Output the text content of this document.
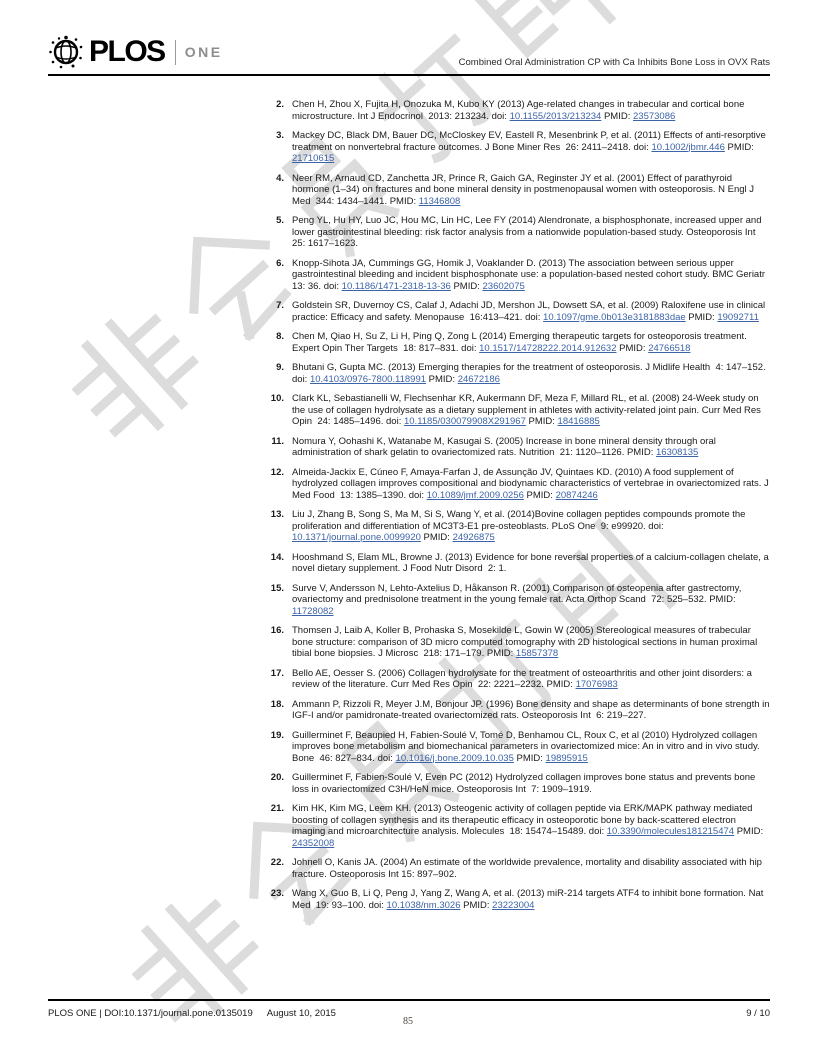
PLOS ONE
Combined Oral Administration CP with Ca Inhibits Bone Loss in OVX Rats
2. Chen H, Zhou X, Fujita H, Onozuka M, Kubo KY (2013) Age-related changes in trabecular and cortical bone microstructure. Int J Endocrinol  2013: 213234. doi: 10.1155/2013/213234 PMID: 23573086
3. Mackey DC, Black DM, Bauer DC, McCloskey EV, Eastell R, Mesenbrink P, et al. (2011) Effects of anti-resorptive treatment on nonvertebral fracture outcomes. J Bone Miner Res  26: 2411–2418. doi: 10.1002/jbmr.446 PMID: 21710615
4. Neer RM, Arnaud CD, Zanchetta JR, Prince R, Gaich GA, Reginster JY et al. (2001) Effect of parathyroid hormone (1–34) on fractures and bone mineral density in postmenopausal women with osteoporosis. N Engl J Med  344: 1434–1441. PMID: 11346808
5. Peng YL, Hu HY, Luo JC, Hou MC, Lin HC, Lee FY (2014) Alendronate, a bisphosphonate, increased upper and lower gastrointestinal bleeding: risk factor analysis from a nationwide population-based study. Osteoporosis Int 25: 1617–1623.
6. Knopp-Sihota JA, Cummings GG, Homik J, Voaklander D. (2013) The association between serious upper gastrointestinal bleeding and incident bisphosphonate use: a population-based nested cohort study. BMC Geriatr  13: 36. doi: 10.1186/1471-2318-13-36 PMID: 23602075
7. Goldstein SR, Duvernoy CS, Calaf J, Adachi JD, Mershon JL, Dowsett SA, et al. (2009) Raloxifene use in clinical practice: Efficacy and safety. Menopause  16:413–421. doi: 10.1097/gme.0b013e3181883dae PMID: 19092711
8. Chen M, Qiao H, Su Z, Li H, Ping Q, Zong L (2014) Emerging therapeutic targets for osteoporosis treatment. Expert Opin Ther Targets  18: 817–831. doi: 10.1517/14728222.2014.912632 PMID: 24766518
9. Bhutani G, Gupta MC. (2013) Emerging therapies for the treatment of osteoporosis. J Midlife Health  4: 147–152. doi: 10.4103/0976-7800.118991 PMID: 24672186
10. Clark KL, Sebastianelli W, Flechsenhar KR, Aukermann DF, Meza F, Millard RL, et al. (2008) 24-Week study on the use of collagen hydrolysate as a dietary supplement in athletes with activity-related joint pain. Curr Med Res Opin  24: 1485–1496. doi: 10.1185/030079908X291967 PMID: 18416885
11. Nomura Y, Oohashi K, Watanabe M, Kasugai S. (2005) Increase in bone mineral density through oral administration of shark gelatin to ovariectomized rats. Nutrition  21: 1120–1126. PMID: 16308135
12. Almeida-Jackix E, Cúneo F, Amaya-Farfan J, de Assunção JV, Quintaes KD. (2010) A food supplement of hydrolyzed collagen improves compositional and biodynamic characteristics of vertebrae in ovariectomized rats. J Med Food  13: 1385–1390. doi: 10.1089/jmf.2009.0256 PMID: 20874246
13. Liu J, Zhang B, Song S, Ma M, Si S, Wang Y, et al. (2014)Bovine collagen peptides compounds promote the proliferation and differentiation of MC3T3-E1 pre-osteoblasts. PLoS One  9: e99920. doi: 10.1371/journal.pone.0099920 PMID: 24926875
14. Hooshmand S, Elam ML, Browne J. (2013) Evidence for bone reversal properties of a calcium-collagen chelate, a novel dietary supplement. J Food Nutr Disord  2: 1.
15. Surve V, Andersson N, Lehto-Axtelius D, Håkanson R. (2001) Comparison of osteopenia after gastrectomy, ovariectomy and prednisolone treatment in the young female rat. Acta Orthop Scand  72: 525–532. PMID: 11728082
16. Thomsen J, Laib A, Koller B, Prohaska S, Mosekilde L, Gowin W (2005) Stereological measures of trabecular bone structure: comparison of 3D micro computed tomography with 2D histological sections in human proximal tibial bone biopsies. J Microsc  218: 171–179. PMID: 15857378
17. Bello AE, Oesser S. (2006) Collagen hydrolysate for the treatment of osteoarthritis and other joint disorders: a review of the literature. Curr Med Res Opin  22: 2221–2232. PMID: 17076983
18. Ammann P, Rizzoli R, Meyer J.M, Bonjour JP. (1996) Bone density and shape as determinants of bone strength in IGF-I and/or pamidronate-treated ovariectomized rats. Osteoporosis Int  6: 219–227.
19. Guillerminet F, Beaupied H, Fabien-Soulé V, Tomé D, Benhamou CL, Roux C, et al (2010) Hydrolyzed collagen improves bone metabolism and biomechanical parameters in ovariectomized mice: An in vitro and in vivo study. Bone  46: 827–834. doi: 10.1016/j.bone.2009.10.035 PMID: 19895915
20. Guillerminet F, Fabien-Soulé V, Even PC (2012) Hydrolyzed collagen improves bone status and prevents bone loss in ovariectomized C3H/HeN mice. Osteoporosis Int  7: 1909–1919.
21. Kim HK, Kim MG, Leem KH. (2013) Osteogenic activity of collagen peptide via ERK/MAPK pathway mediated boosting of collagen synthesis and its therapeutic efficacy in osteoporotic bone by back-scattered electron imaging and microarchitecture analysis. Molecules  18: 15474–15489. doi: 10.3390/molecules181215474 PMID: 24352008
22. Johnell O, Kanis JA. (2004) An estimate of the worldwide prevalence, mortality and disability associated with hip fracture. Osteoporosis Int 15: 897–902.
23. Wang X, Guo B, Li Q, Peng J, Yang Z, Wang A, et al. (2013) miR-214 targets ATF4 to inhibit bone formation. Nat Med  19: 93–100. doi: 10.1038/nm.3026 PMID: 23223004
PLOS ONE | DOI:10.1371/journal.pone.0135019 August 10, 2015	9 / 10
85
